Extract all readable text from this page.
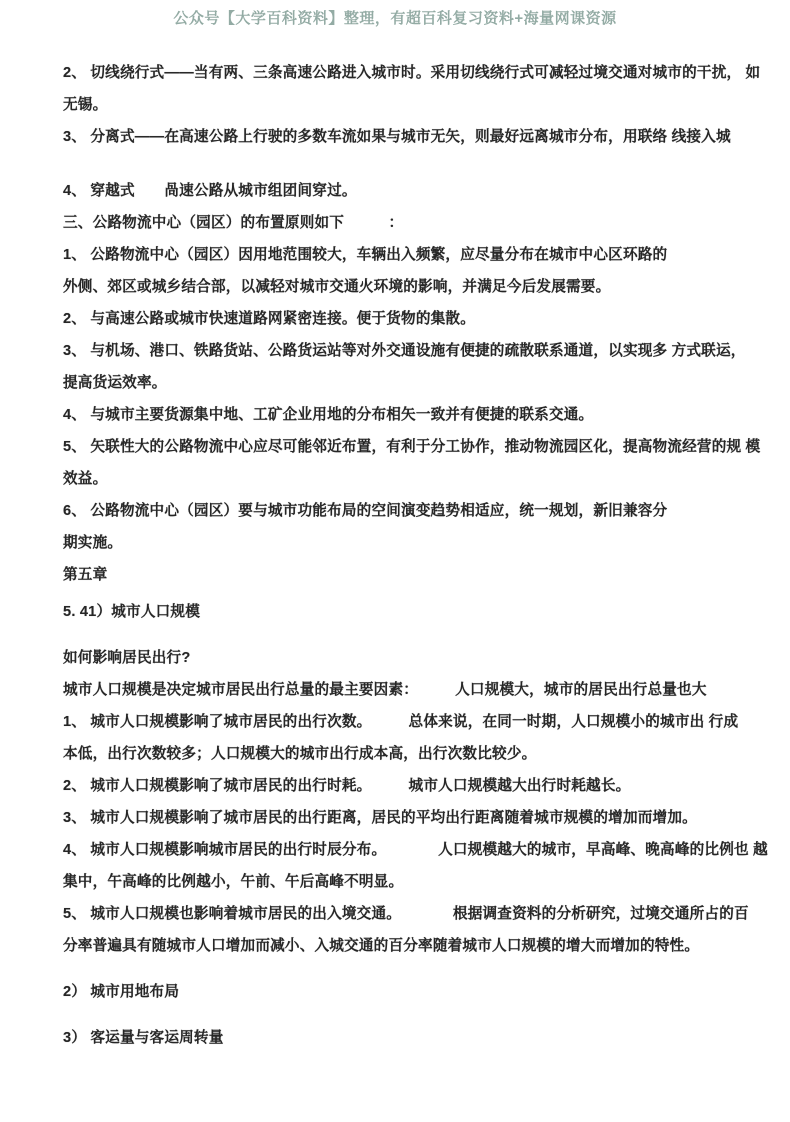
公众号【大学百科资料】整理，有超百科复习资料+海量网课资源
2、 切线绕行式——当有两、三条高速公路进入城市时。采用切线绕行式可减轻过境交通对城市的干扰， 如
无锡。
3、 分离式——在高速公路上行驶的多数车流如果与城市无矢，则最好远离城市分布，用联络 线接入城
4、 穿越式　　咼速公路从城市组团间穿过。
三、公路物流中心（园区）的布置原则如下　　　：
1、 公路物流中心（园区）因用地范围较大，车辆出入频繁，应尽量分布在城市中心区环路的
外侧、郊区或城乡结合部，以减轻对城市交通火环境的影响，并满足今后发展需要。
2、 与高速公路或城市快速道路网紧密连接。便于货物的集散。
3、 与机场、港口、铁路货站、公路货运站等对外交通设施有便捷的疏散联系通道，以实现多 方式联运，
提高货运效率。
4、 与城市主要货源集中地、工矿企业用地的分布相矢一致并有便捷的联系交通。
5、 矢联性大的公路物流中心应尽可能邻近布置，有利于分工协作，推动物流园区化，提高物流经营的规 模
效益。
6、 公路物流中心（园区）要与城市功能布局的空间演变趋势相适应，统一规划，新旧兼容分
期实施。
第五章
5. 41）城市人口规模
如何影响居民出行?
城市人口规模是决定城市居民出行总量的最主要因素：　　　人口规模大，城市的居民出行总量也大
1、 城市人口规模影响了城市居民的出行次数。　　　总体来说，在同一时期，人口规模小的城市出 行成
本低，出行次数较多；人口规模大的城市出行成本高，出行次数比较少。
2、 城市人口规模影响了城市居民的出行时耗。　　　城市人口规模越大出行时耗越长。
3、 城市人口规模影响了城市居民的出行距离，居民的平均出行距离随着城市规模的增加而增加。
4、 城市人口规模影响城市居民的出行时辰分布。　　　　人口规模越大的城市，早高峰、晚高峰的比例也 越
集中，午高峰的比例越小，午前、午后高峰不明显。
5、 城市人口规模也影响着城市居民的出入境交通。　　　　根据调查资料的分析研究，过境交通所占的百
分率普遍具有随城市人口增加而减小、入城交通的百分率随着城市人口规模的增大而增加的特性。
2） 城市用地布局
3） 客运量与客运周转量
